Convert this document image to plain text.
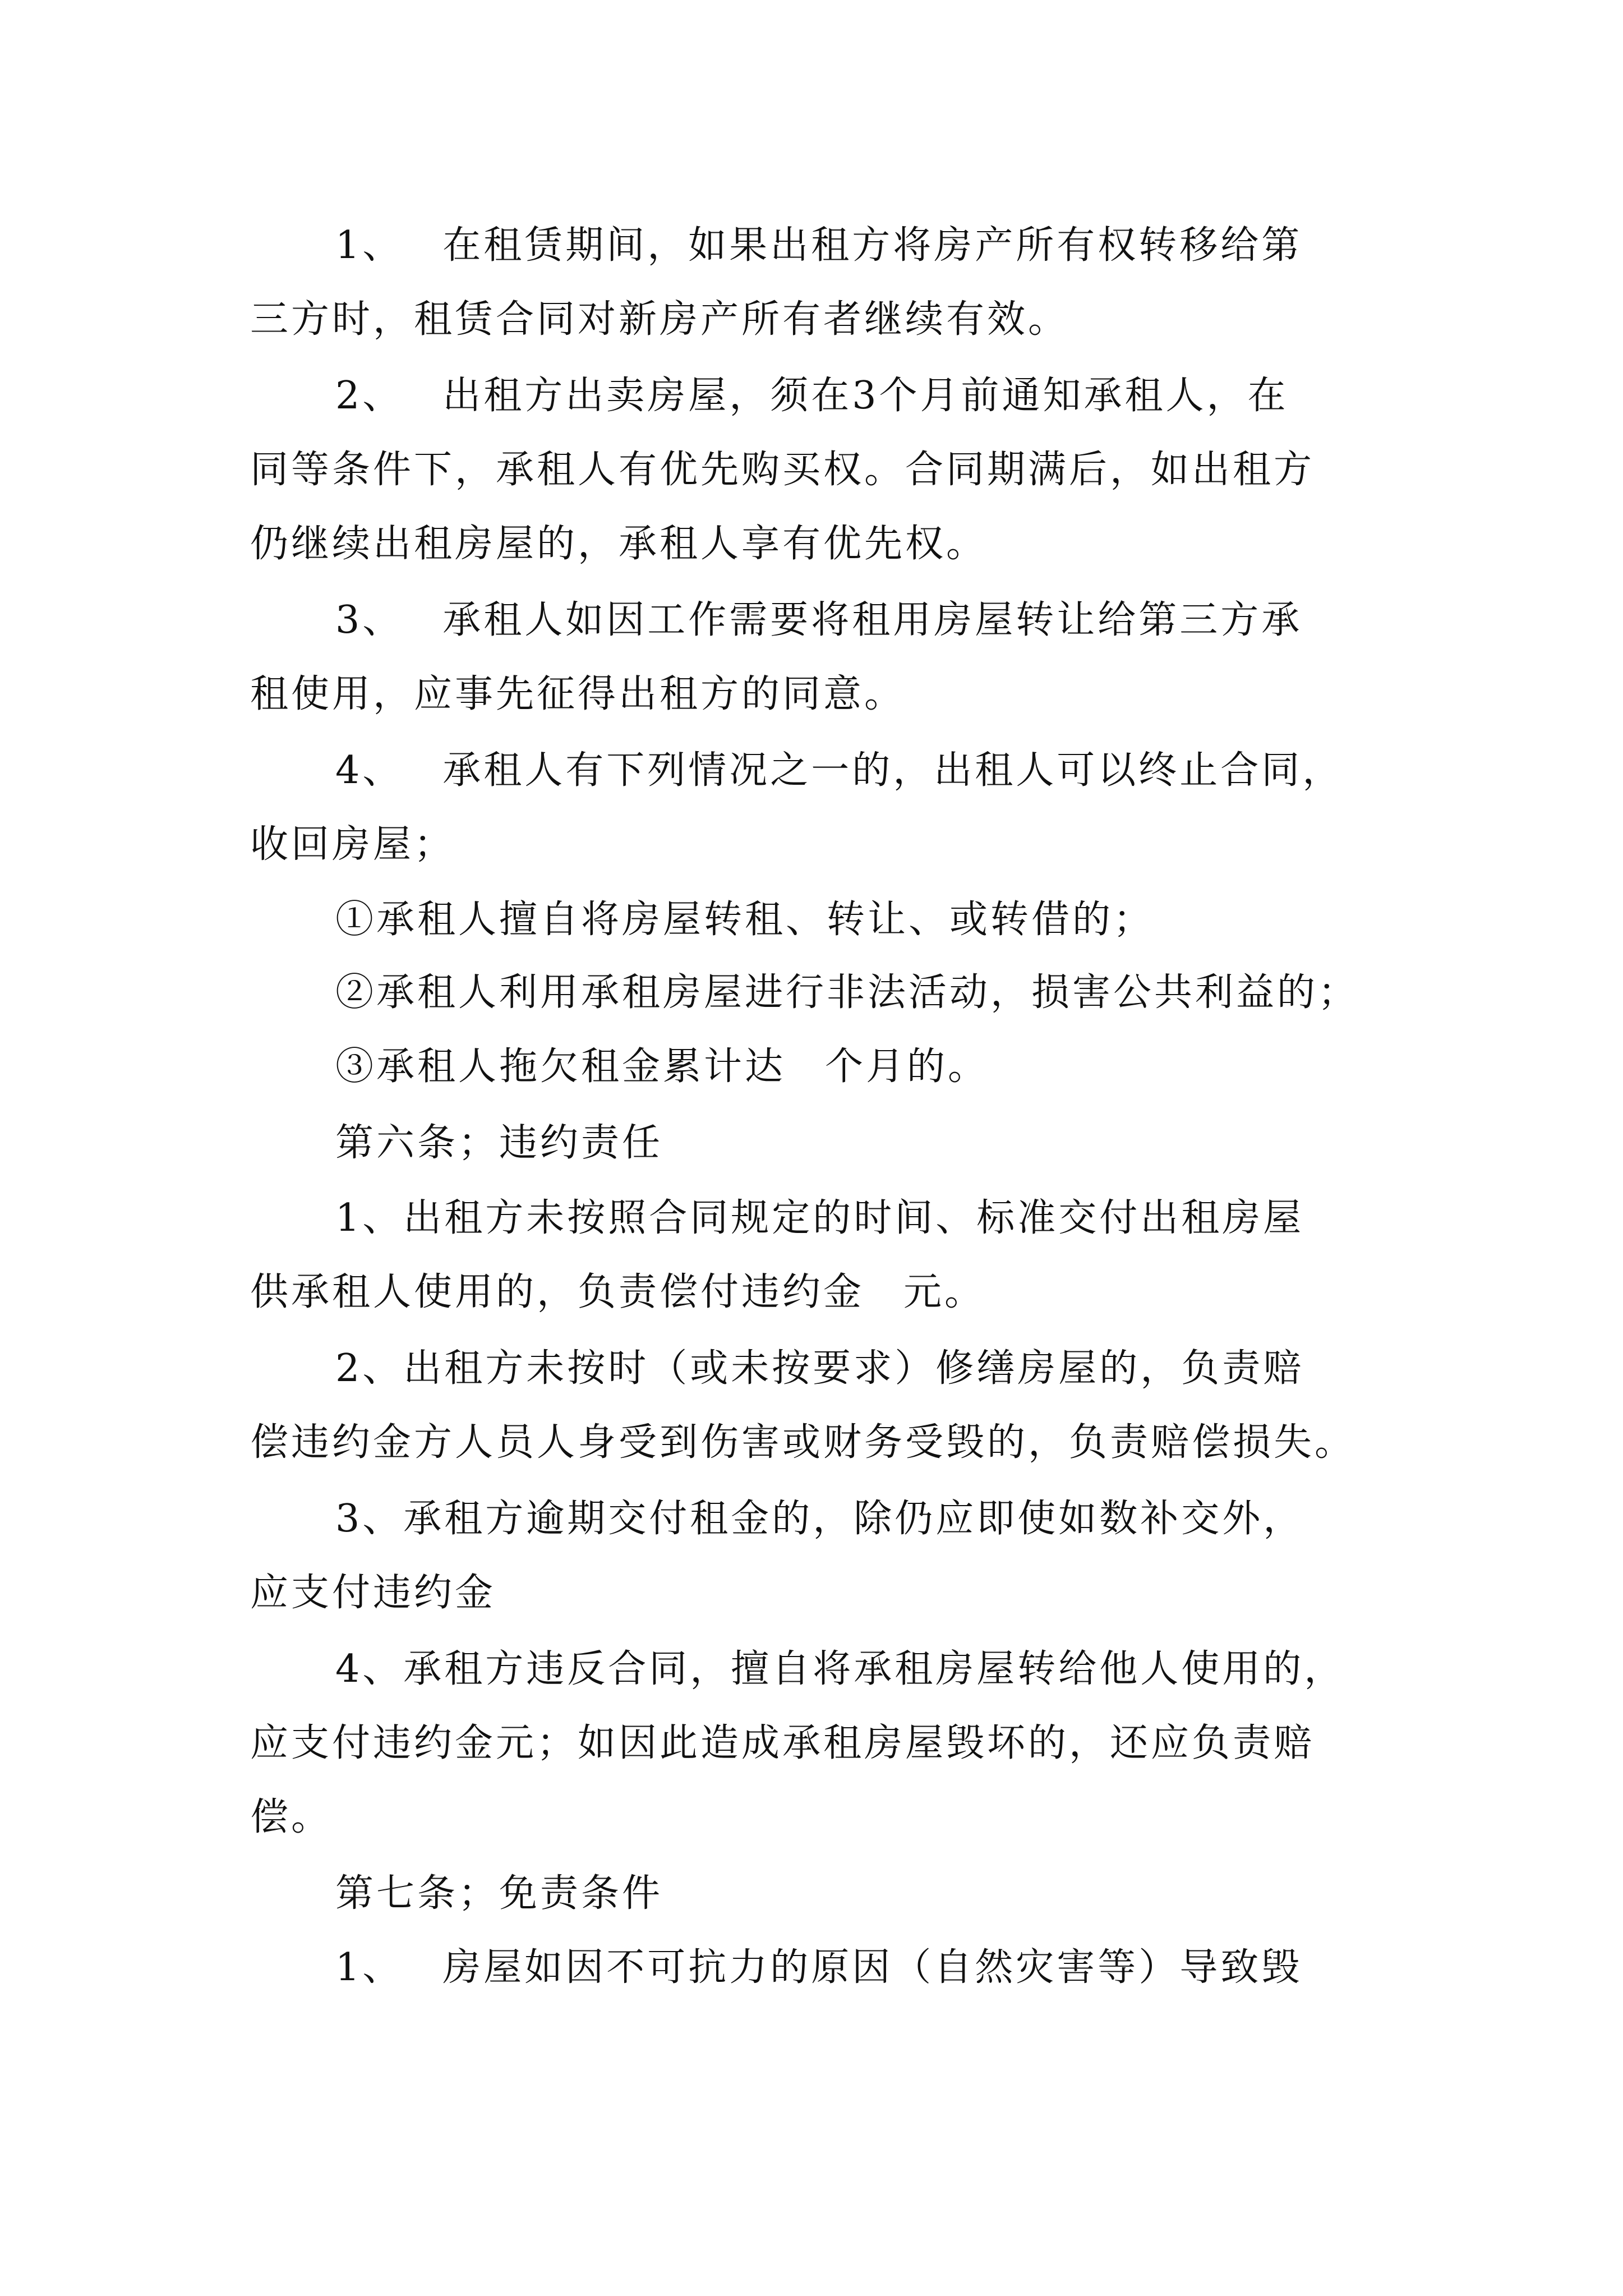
1、 在租赁期间，如果出租方将房产所有权转移给第
三方时，租赁合同对新房产所有者继续有效。
2、 出租方出卖房屋，须在3个月前通知承租人，在
同等条件下，承租人有优先购买权。合同期满后，如出租方
仍继续出租房屋的，承租人享有优先权。
3、 承租人如因工作需要将租用房屋转让给第三方承
租使用，应事先征得出租方的同意。
4、 承租人有下列情况之一的，出租人可以终止合同，
收回房屋；
①承租人擅自将房屋转租、转让、或转借的；
②承租人利用承租房屋进行非法活动，损害公共利益的；
③承租人拖欠租金累计达 个月的。
第六条；违约责任
1、出租方未按照合同规定的时间、标准交付出租房屋
供承租人使用的，负责偿付违约金 元。
2、出租方未按时（或未按要求）修缮房屋的，负责赔
偿违约金方人员人身受到伤害或财务受毁的，负责赔偿损失。
3、承租方逾期交付租金的，除仍应即使如数补交外，
应支付违约金
4、承租方违反合同，擅自将承租房屋转给他人使用的，
应支付违约金元；如因此造成承租房屋毁坏的，还应负责赔
偿。
第七条；免责条件
1、 房屋如因不可抗力的原因（自然灾害等）导致毁
